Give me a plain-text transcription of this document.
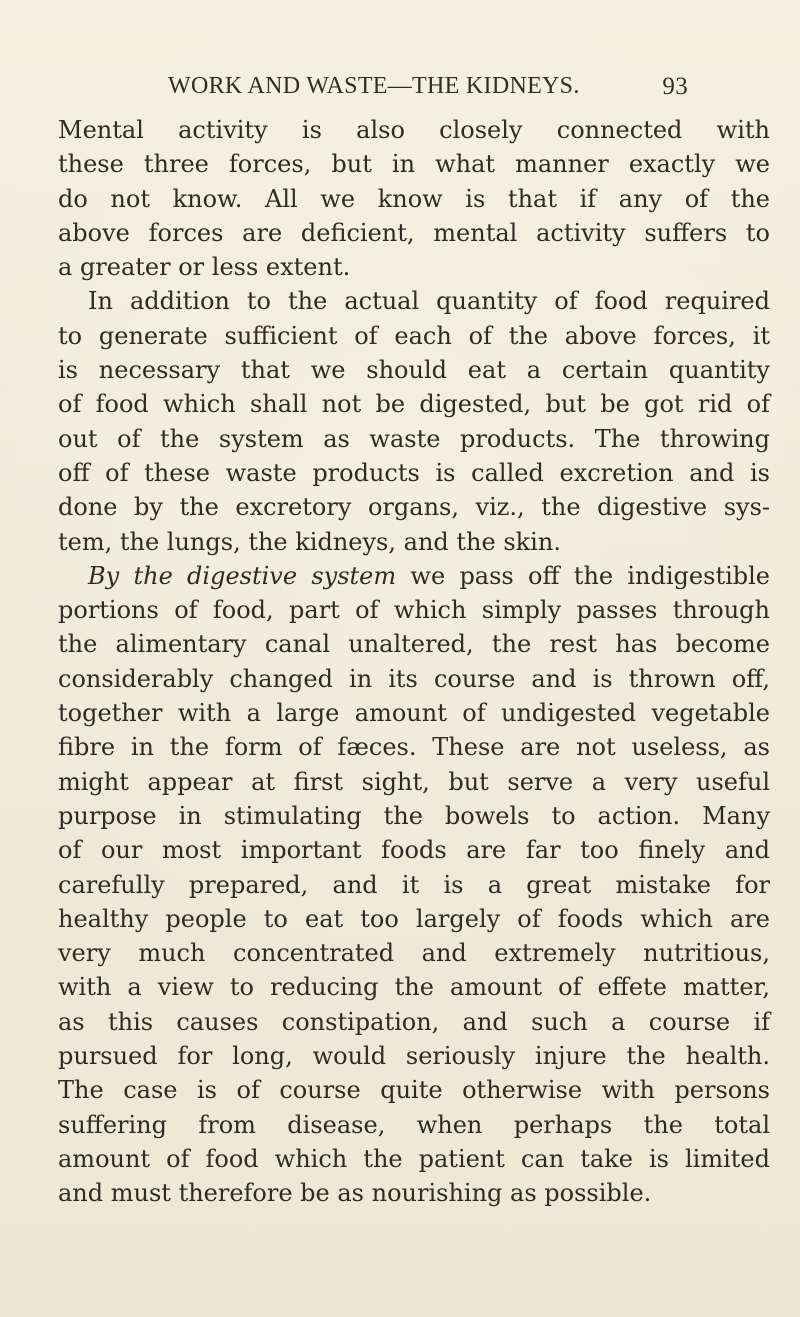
WORK AND WASTE—THE KIDNEYS.	93
Mental activity is also closely connected with
these three forces, but in what manner exactly we
do not know. All we know is that if any of the
above forces are deficient, mental activity suffers to
a greater or less extent.
In addition to the actual quantity of food required
to generate sufficient of each of the above forces, it
is necessary that we should eat a certain quantity
of food which shall not be digested, but be got rid of
out of the system as waste products. The throwing
off of these waste products is called excretion and is
done by the excretory organs, viz., the digestive sys-
tem, the lungs, the kidneys, and the skin.
By the digestive system we pass off the indigestible
portions of food, part of which simply passes through
the alimentary canal unaltered, the rest has become
considerably changed in its course and is thrown off,
together with a large amount of undigested vegetable
fibre in the form of fæces. These are not useless, as
might appear at first sight, but serve a very useful
purpose in stimulating the bowels to action. Many
of our most important foods are far too finely and
carefully prepared, and it is a great mistake for
healthy people to eat too largely of foods which are
very much concentrated and extremely nutritious,
with a view to reducing the amount of effete matter,
as this causes constipation, and such a course if
pursued for long, would seriously injure the health.
The case is of course quite otherwise with persons
suffering from disease, when perhaps the total
amount of food which the patient can take is limited
and must therefore be as nourishing as possible.
